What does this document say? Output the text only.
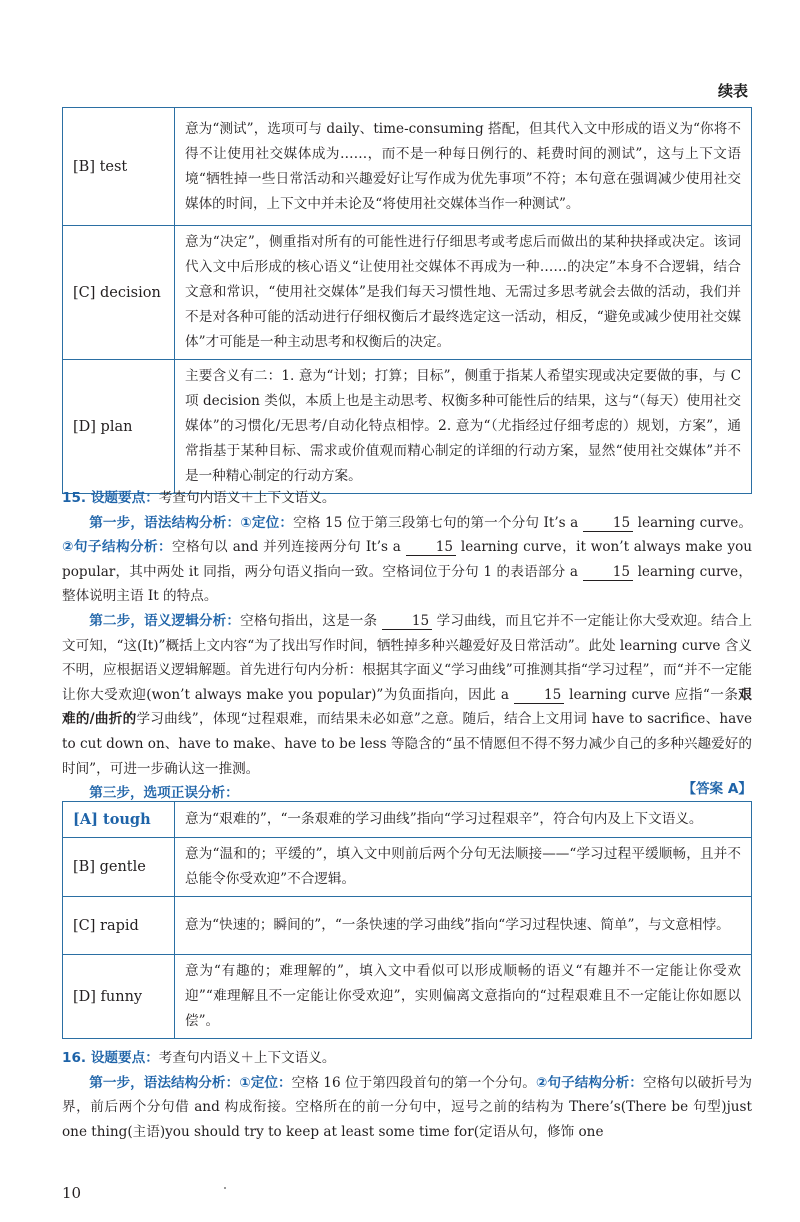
续表
[B] test	意为“测试”，选项可与 daily、time-consuming 搭配，但其代入文中形成的语义为“你将不得不让使用社交媒体成为……，而不是一种每日例行的、耗费时间的测试”，这与上下文语境“牺牲掉一些日常活动和兴趣爱好让写作成为优先事项”不符；本句意在强调减少使用社交媒体的时间，上下文中并未论及“将使用社交媒体当作一种测试”。
[C] decision	意为“决定”，侧重指对所有的可能性进行仔细思考或考虑后而做出的某种抉择或决定。该词代入文中后形成的核心语义“让使用社交媒体不再成为一种……的决定”本身不合逻辑，结合文意和常识，“使用社交媒体”是我们每天习惯性地、无需过多思考就会去做的活动，我们并不是对各种可能的活动进行仔细权衡后才最终选定这一活动，相反，“避免或减少使用社交媒体”才可能是一种主动思考和权衡后的决定。
[D] plan	主要含义有二：1. 意为“计划；打算；目标”，侧重于指某人希望实现或决定要做的事，与 C 项 decision 类似，本质上也是主动思考、权衡多种可能性后的结果，这与“（每天）使用社交媒体”的习惯化/无思考/自动化特点相悖。2. 意为“（尤指经过仔细考虑的）规划，方案”，通常指基于某种目标、需求或价值观而精心制定的详细的行动方案，显然“使用社交媒体”并不是一种精心制定的行动方案。
15. 设题要点：考查句内语义＋上下文语义。
第一步，语法结构分析：①定位：空格 15 位于第三段第七句的第一个分句 It’s a	15 learning curve。②句子结构分析：空格句以 and 并列连接两分句 It’s a	15 learning curve，it won’t always make you popular，其中两处 it 同指，两分句语义指向一致。空格词位于分句 1 的表语部分 a	15 learning curve，整体说明主语 It 的特点。
第二步，语义逻辑分析：空格句指出，这是一条	15 学习曲线，而且它并不一定能让你大受欢迎。结合上文可知，“这(It)”概括上文内容“为了找出写作时间，牺牲掉多种兴趣爱好及日常活动”。此处 learning curve 含义不明，应根据语义逻辑解题。首先进行句内分析：根据其字面义“学习曲线”可推测其指“学习过程”，而“并不一定能让你大受欢迎(won’t always make you popular)”为负面指向，因此 a	15 learning curve 应指“一条艰难的/曲折的学习曲线”，体现“过程艰难，而结果未必如意”之意。随后，结合上文用词 have to sacrifice、have to cut down on、have to make、have to be less 等隐含的“虽不情愿但不得不努力减少自己的多种兴趣爱好的时间”，可进一步确认这一推测。
第三步，选项正误分析：	【答案 A】
[A] tough	意为“艰难的”，“一条艰难的学习曲线”指向“学习过程艰辛”，符合句内及上下文语义。
[B] gentle	意为“温和的；平缓的”，填入文中则前后两个分句无法顺接——“学习过程平缓顺畅，且并不总能令你受欢迎”不合逻辑。
[C] rapid	意为“快速的；瞬间的”，“一条快速的学习曲线”指向“学习过程快速、简单”，与文意相悖。
[D] funny	意为“有趣的；难理解的”，填入文中看似可以形成顺畅的语义“有趣并不一定能让你受欢迎”“难理解且不一定能让你受欢迎”，实则偏离文意指向的“过程艰难且不一定能让你如愿以偿”。
16. 设题要点：考查句内语义＋上下文语义。
第一步，语法结构分析：①定位：空格 16 位于第四段首句的第一个分句。②句子结构分析：空格句以破折号为界，前后两个分句借 and 构成衔接。空格所在的前一分句中，逗号之前的结构为 There’s(There be 句型)just one thing(主语)you should try to keep at least some time for(定语从句，修饰 one
10
